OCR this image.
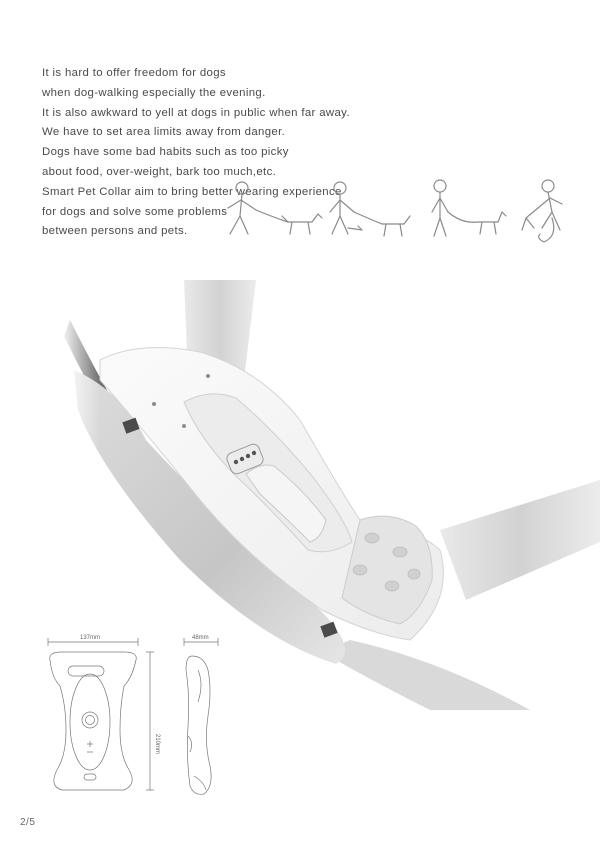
It is hard to offer freedom for dogs
when dog-walking especially the evening.
It is also awkward to yell at dogs in public when far away.
We have to set area limits away from danger.
Dogs have some bad habits such as too picky
about food, over-weight, bark too much,etc.
Smart Pet Collar aim to bring better wearing experience
for dogs and solve some problems
between persons and pets.
137mm	48mm
210mm
2/5
